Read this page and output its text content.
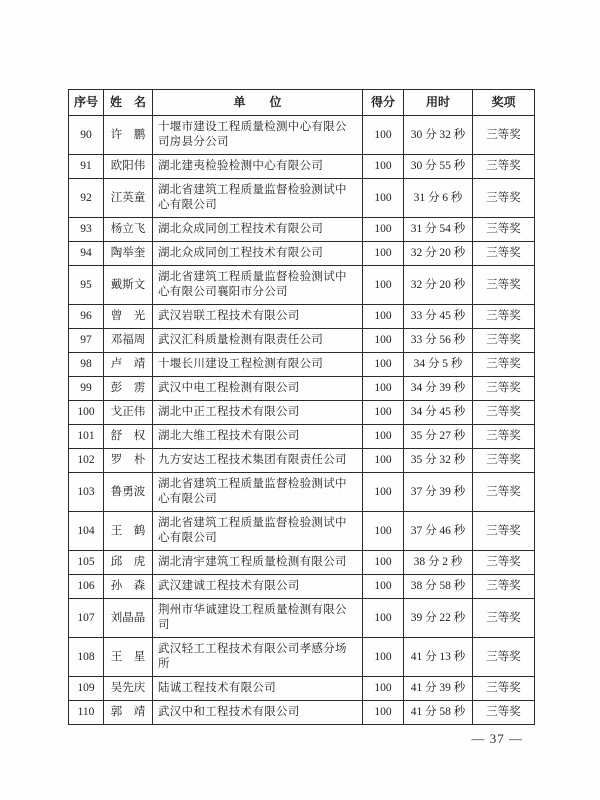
序号	姓　名	单　　位	得分	用时	奖项
90	许　鹏	十堰市建设工程质量检测中心有限公司房县分公司	100	30 分 32 秒	三等奖
91	欧阳伟	湖北建夷检验检测中心有限公司	100	30 分 55 秒	三等奖
92	江英童	湖北省建筑工程质量监督检验测试中心有限公司	100	31 分 6 秒	三等奖
93	杨立飞	湖北众成同创工程技术有限公司	100	31 分 54 秒	三等奖
94	陶举奎	湖北众成同创工程技术有限公司	100	32 分 20 秒	三等奖
95	戴斯文	湖北省建筑工程质量监督检验测试中心有限公司襄阳市分公司	100	32 分 20 秒	三等奖
96	曾　光	武汉岩联工程技术有限公司	100	33 分 45 秒	三等奖
97	邓福周	武汉汇科质量检测有限责任公司	100	33 分 56 秒	三等奖
98	卢　靖	十堰长川建设工程检测有限公司	100	34 分 5 秒	三等奖
99	彭　雳	武汉中电工程检测有限公司	100	34 分 39 秒	三等奖
100	戈正伟	湖北中正工程技术有限公司	100	34 分 45 秒	三等奖
101	舒　权	湖北大维工程技术有限公司	100	35 分 27 秒	三等奖
102	罗　朴	九方安达工程技术集团有限责任公司	100	35 分 32 秒	三等奖
103	鲁勇波	湖北省建筑工程质量监督检验测试中心有限公司	100	37 分 39 秒	三等奖
104	王　鹤	湖北省建筑工程质量监督检验测试中心有限公司	100	37 分 46 秒	三等奖
105	邱　虎	湖北清宇建筑工程质量检测有限公司	100	38 分 2 秒	三等奖
106	孙　森	武汉建诚工程技术有限公司	100	38 分 58 秒	三等奖
107	刘晶晶	荆州市华诚建设工程质量检测有限公司	100	39 分 22 秒	三等奖
108	王　星	武汉轻工工程技术有限公司孝感分场所	100	41 分 13 秒	三等奖
109	吴先庆	陆诚工程技术有限公司	100	41 分 39 秒	三等奖
110	郭　靖	武汉中和工程技术有限公司	100	41 分 58 秒	三等奖
— 37 —
